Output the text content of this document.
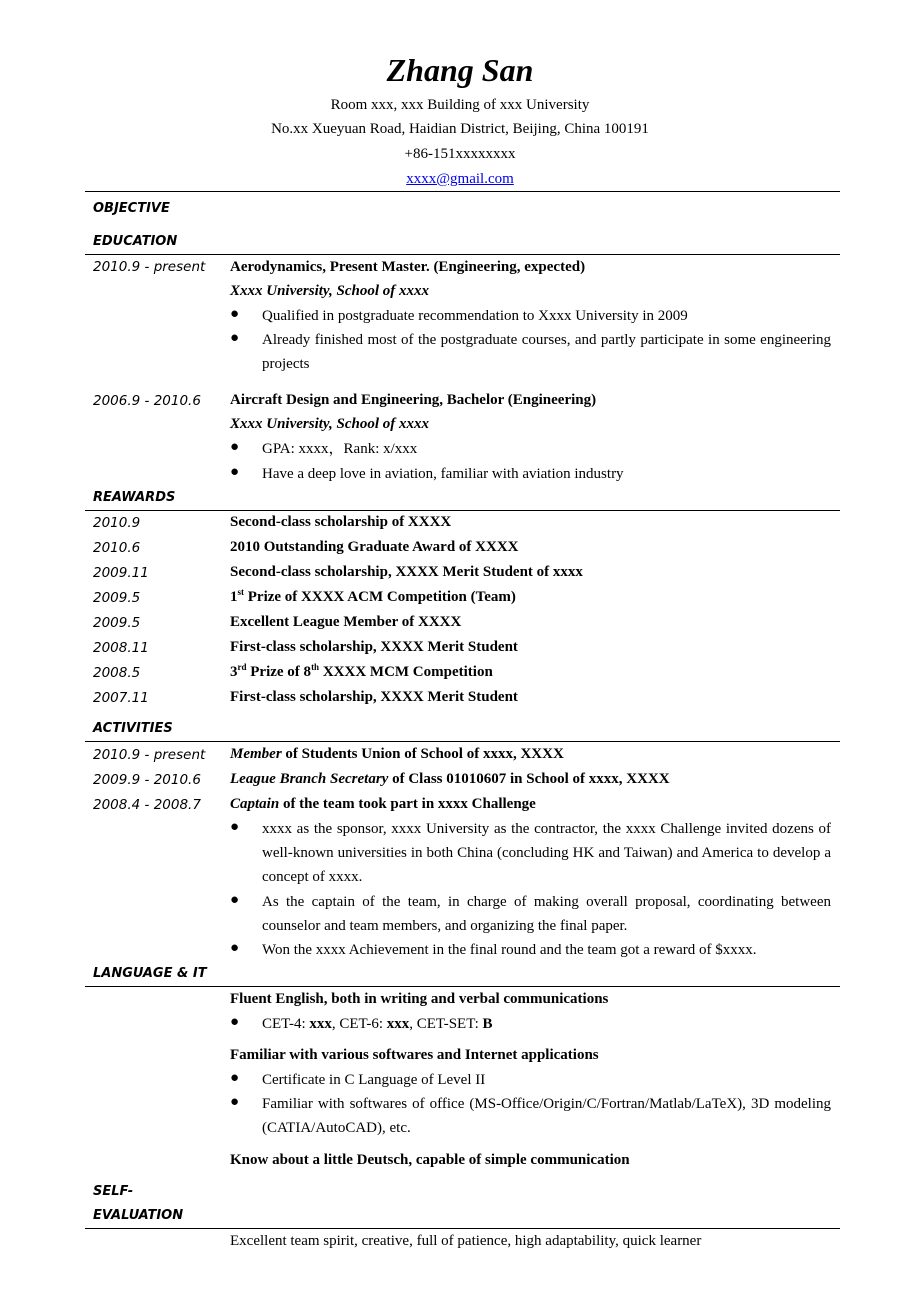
Zhang San
Room xxx, xxx Building of xxx University
No.xx Xueyuan Road, Haidian District, Beijing, China 100191
+86-151xxxxxxxx
xxxx@gmail.com
OBJECTIVE
EDUCATION
2010.9 - present Aerodynamics, Present Master. (Engineering, expected)
Xxxx University, School of xxxx
● Qualified in postgraduate recommendation to Xxxx University in 2009
● Already finished most of the postgraduate courses, and partly participate in some engineering projects
2006.9 - 2010.6 Aircraft Design and Engineering, Bachelor (Engineering)
Xxxx University, School of xxxx
● GPA: xxxx，Rank: x/xxx
● Have a deep love in aviation, familiar with aviation industry
REAWARDS
2010.9	Second-class scholarship of XXXX
2010.6	2010 Outstanding Graduate Award of XXXX
2009.11	Second-class scholarship, XXXX Merit Student of xxxx
2009.5	1st Prize of XXXX ACM Competition (Team)
2009.5	Excellent League Member of XXXX
2008.11	First-class scholarship, XXXX Merit Student
2008.5	3rd Prize of 8th XXXX MCM Competition
2007.11	First-class scholarship, XXXX Merit Student
ACTIVITIES
2010.9 - present Member of Students Union of School of xxxx, XXXX
2009.9 - 2010.6 League Branch Secretary of Class 01010607 in School of xxxx, XXXX
2008.4 - 2008.7 Captain of the team took part in xxxx Challenge
● xxxx as the sponsor, xxxx University as the contractor, the xxxx Challenge invited dozens of well-known universities in both China (concluding HK and Taiwan) and America to develop a concept of xxxx.
● As the captain of the team, in charge of making overall proposal, coordinating between counselor and team members, and organizing the final paper.
● Won the xxxx Achievement in the final round and the team got a reward of $xxxx.
LANGUAGE & IT
Fluent English, both in writing and verbal communications
● CET-4: xxx, CET-6: xxx, CET-SET: B
Familiar with various softwares and Internet applications
● Certificate in C Language of Level II
● Familiar with softwares of office (MS-Office/Origin/C/Fortran/Matlab/LaTeX), 3D modeling　(CATIA/AutoCAD), etc.
Know about a little Deutsch, capable of simple communication
SELF-
EVALUATION
Excellent team spirit, creative, full of patience, high adaptability, quick learner
